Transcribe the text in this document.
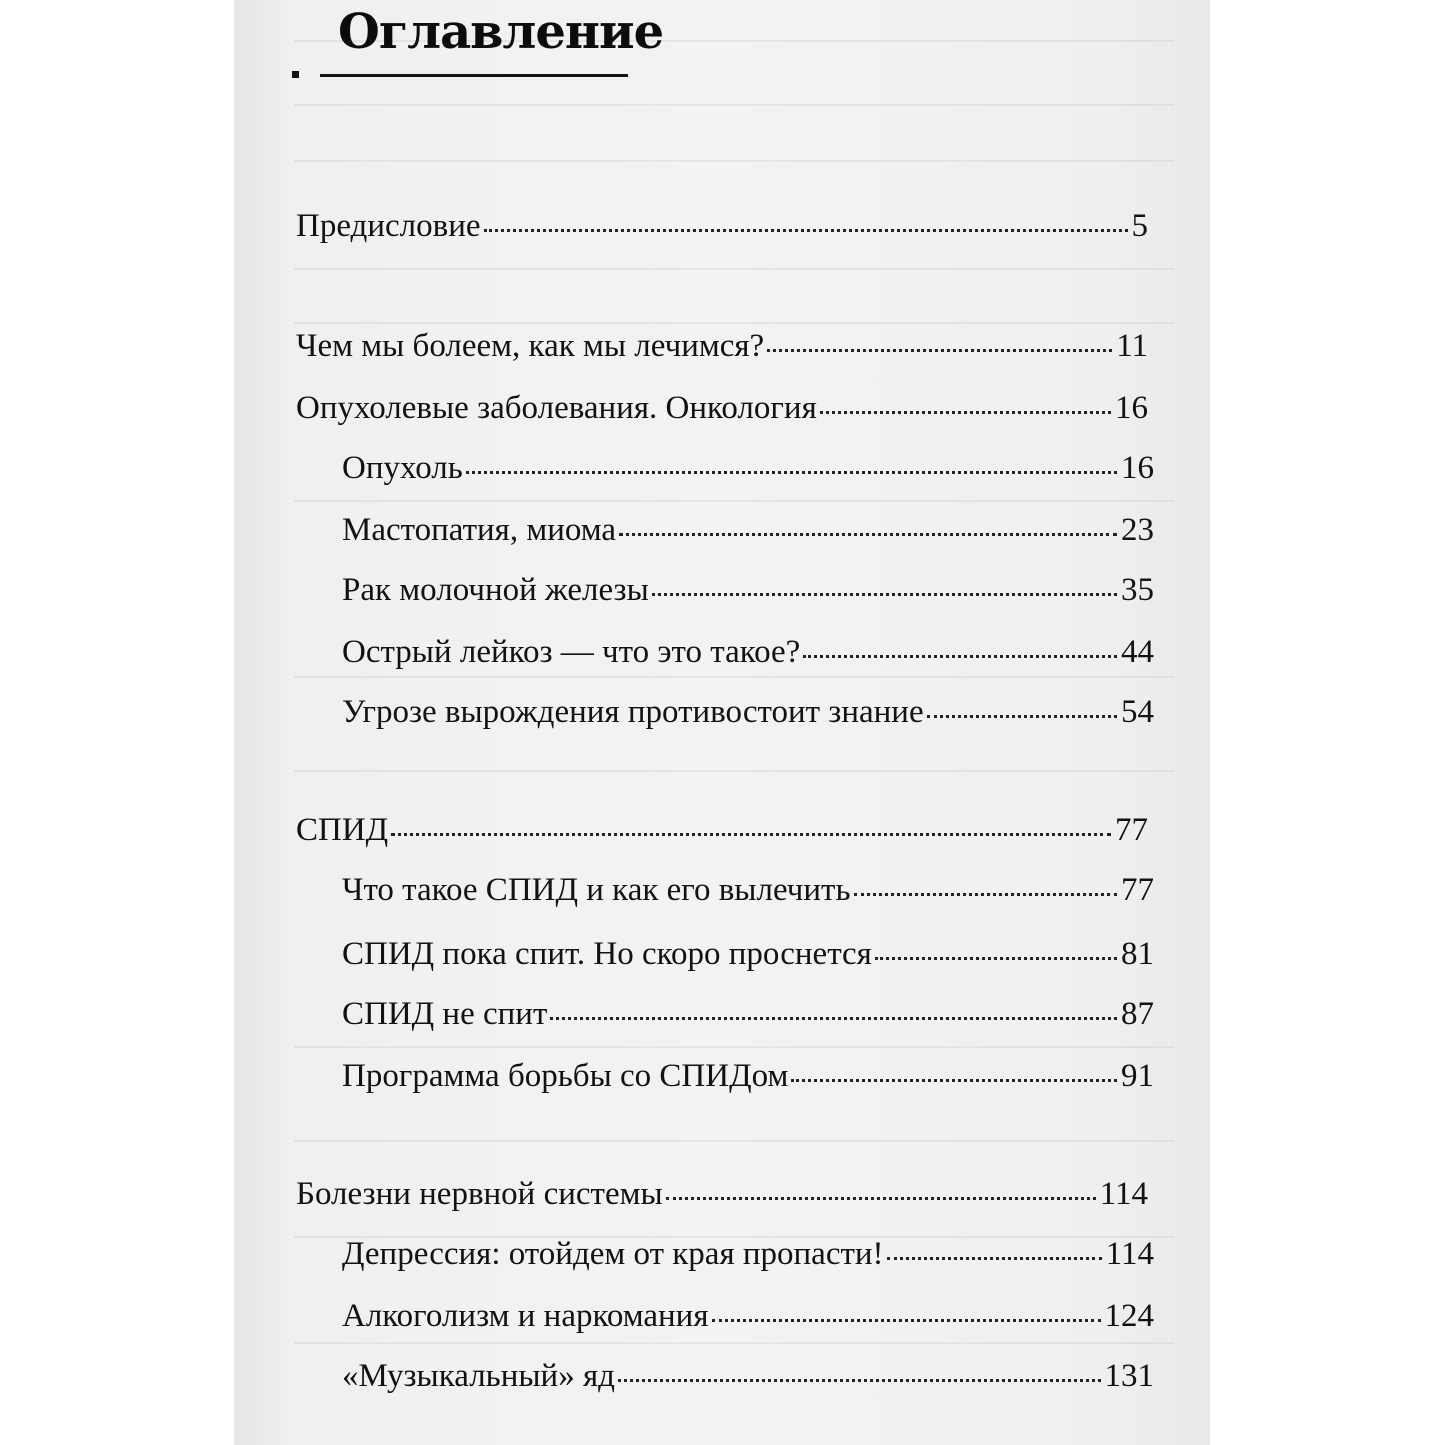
Оглавление
Предисловие	5
Чем мы болеем, как мы лечимся?	11
Опухолевые заболевания. Онкология	16
Опухоль	16
Мастопатия, миома	23
Рак молочной железы	35
Острый лейкоз — что это такое?	44
Угрозе вырождения противостоит знание	54
СПИД	77
Что такое СПИД и как его вылечить	77
СПИД пока спит. Но скоро проснется	81
СПИД не спит	87
Программа борьбы со СПИДом	91
Болезни нервной системы	114
Депрессия: отойдем от края пропасти!	114
Алкоголизм и наркомания	124
«Музыкальный» яд	131
